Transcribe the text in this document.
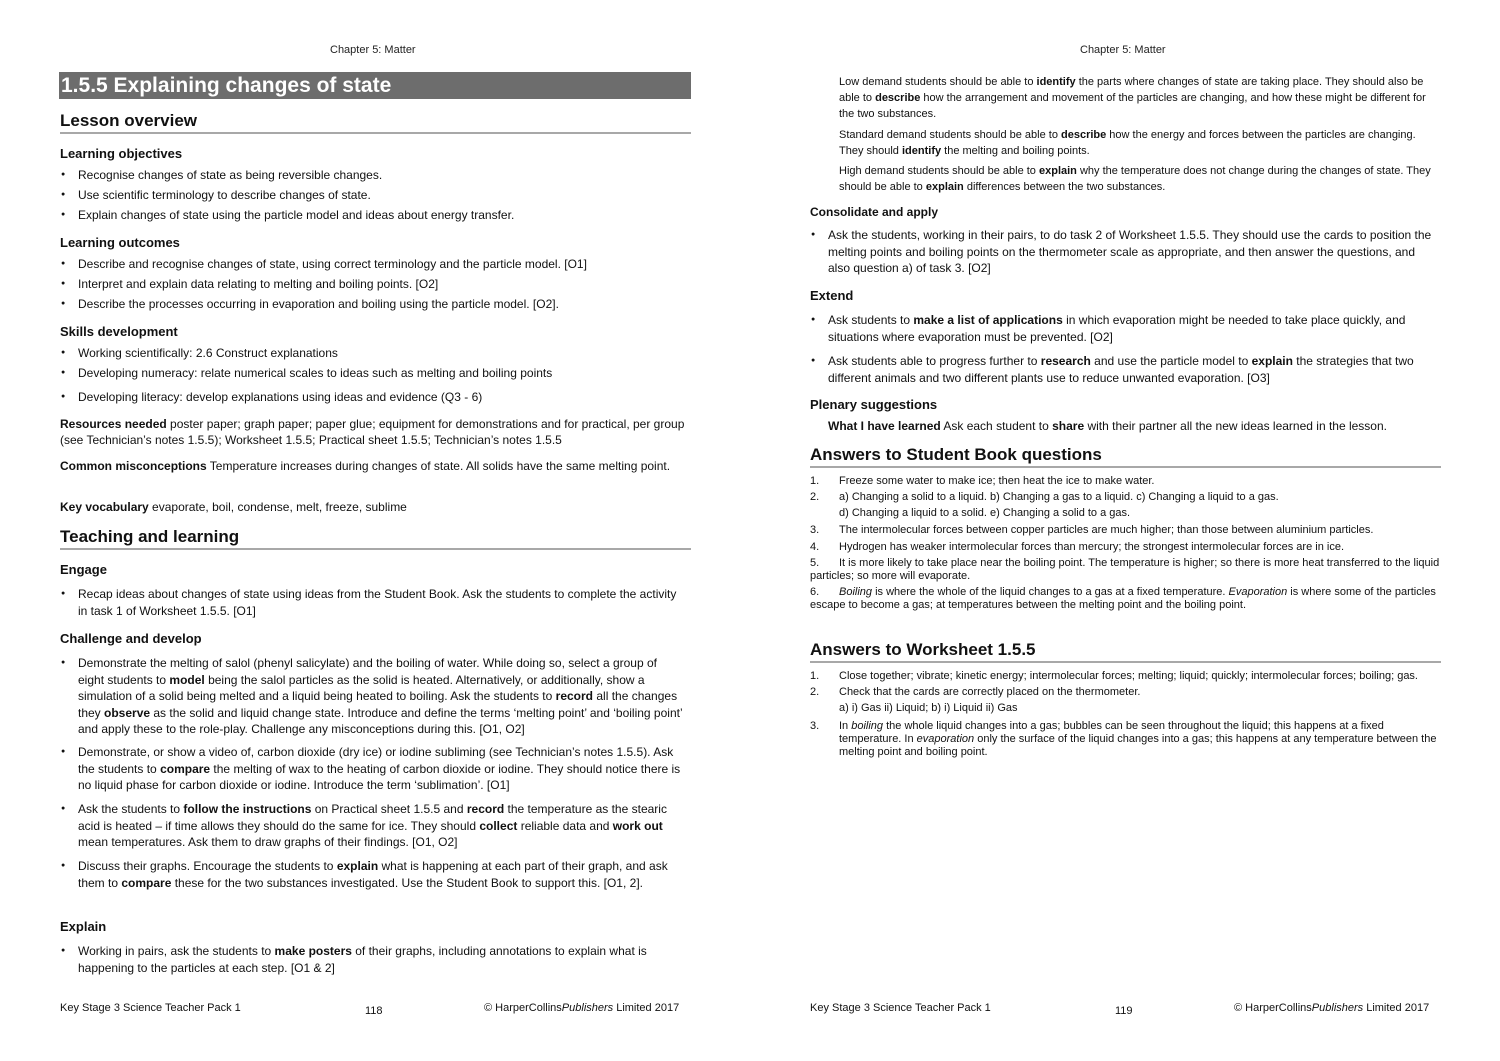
Chapter 5: Matter
1.5.5 Explaining changes of state
Lesson overview
Learning objectives
● Recognise changes of state as being reversible changes.
● Use scientific terminology to describe changes of state.
● Explain changes of state using the particle model and ideas about energy transfer.
Learning outcomes
● Describe and recognise changes of state, using correct terminology and the particle model. [O1]
● Interpret and explain data relating to melting and boiling points. [O2]
● Describe the processes occurring in evaporation and boiling using the particle model. [O2].
Skills development
● Working scientifically: 2.6 Construct explanations
● Developing numeracy: relate numerical scales to ideas such as melting and boiling points
● Developing literacy: develop explanations using ideas and evidence (Q3 - 6)
Resources needed poster paper; graph paper; paper glue; equipment for demonstrations and for practical, per group (see Technician’s notes 1.5.5); Worksheet 1.5.5; Practical sheet 1.5.5; Technician’s notes 1.5.5
Common misconceptions Temperature increases during changes of state. All solids have the same melting point.
Key vocabulary evaporate, boil, condense, melt, freeze, sublime
Teaching and learning
Engage
● Recap ideas about changes of state using ideas from the Student Book. Ask the students to complete the activity in task 1 of Worksheet 1.5.5. [O1]
Challenge and develop
● Demonstrate the melting of salol (phenyl salicylate) and the boiling of water. While doing so, select a group of eight students to model being the salol particles as the solid is heated. Alternatively, or additionally, show a simulation of a solid being melted and a liquid being heated to boiling. Ask the students to record all the changes they observe as the solid and liquid change state. Introduce and define the terms ‘melting point’ and ‘boiling point’ and apply these to the role-play. Challenge any misconceptions during this. [O1, O2]
● Demonstrate, or show a video of, carbon dioxide (dry ice) or iodine subliming (see Technician’s notes 1.5.5). Ask the students to compare the melting of wax to the heating of carbon dioxide or iodine. They should notice there is no liquid phase for carbon dioxide or iodine. Introduce the term ‘sublimation’. [O1]
● Ask the students to follow the instructions on Practical sheet 1.5.5 and record the temperature as the stearic acid is heated – if time allows they should do the same for ice. They should collect reliable data and work out mean temperatures. Ask them to draw graphs of their findings. [O1, O2]
● Discuss their graphs. Encourage the students to explain what is happening at each part of their graph, and ask them to compare these for the two substances investigated. Use the Student Book to support this. [O1, 2].
Explain
● Working in pairs, ask the students to make posters of their graphs, including annotations to explain what is happening to the particles at each step. [O1 & 2]
Key Stage 3 Science Teacher Pack 1	118	© HarperCollinsPublishers Limited 2017
Chapter 5: Matter
Low demand students should be able to identify the parts where changes of state are taking place. They should also be able to describe how the arrangement and movement of the particles are changing, and how these might be different for the two substances.
Standard demand students should be able to describe how the energy and forces between the particles are changing. They should identify the melting and boiling points.
High demand students should be able to explain why the temperature does not change during the changes of state. They should be able to explain differences between the two substances.
Consolidate and apply
● Ask the students, working in their pairs, to do task 2 of Worksheet 1.5.5. They should use the cards to position the melting points and boiling points on the thermometer scale as appropriate, and then answer the questions, and also question a) of task 3. [O2]
Extend
● Ask students to make a list of applications in which evaporation might be needed to take place quickly, and situations where evaporation must be prevented. [O2]
● Ask students able to progress further to research and use the particle model to explain the strategies that two different animals and two different plants use to reduce unwanted evaporation. [O3]
Plenary suggestions
What I have learned Ask each student to share with their partner all the new ideas learned in the lesson.
Answers to Student Book questions
1. Freeze some water to make ice; then heat the ice to make water.
2. a) Changing a solid to a liquid. b) Changing a gas to a liquid. c) Changing a liquid to a gas.
d) Changing a liquid to a solid. e) Changing a solid to a gas.
3. The intermolecular forces between copper particles are much higher; than those between aluminium particles.
4. Hydrogen has weaker intermolecular forces than mercury; the strongest intermolecular forces are in ice.
5. It is more likely to take place near the boiling point. The temperature is higher; so there is more heat transferred to the liquid particles; so more will evaporate.
6. Boiling is where the whole of the liquid changes to a gas at a fixed temperature. Evaporation is where some of the particles escape to become a gas; at temperatures between the melting point and the boiling point.
Answers to Worksheet 1.5.5
1. Close together; vibrate; kinetic energy; intermolecular forces; melting; liquid; quickly; intermolecular forces; boiling; gas.
2. Check that the cards are correctly placed on the thermometer.
a) i) Gas ii) Liquid; b) i) Liquid ii) Gas
3. In boiling the whole liquid changes into a gas; bubbles can be seen throughout the liquid; this happens at a fixed temperature. In evaporation only the surface of the liquid changes into a gas; this happens at any temperature between the melting point and boiling point.
Key Stage 3 Science Teacher Pack 1	119	© HarperCollinsPublishers Limited 2017
